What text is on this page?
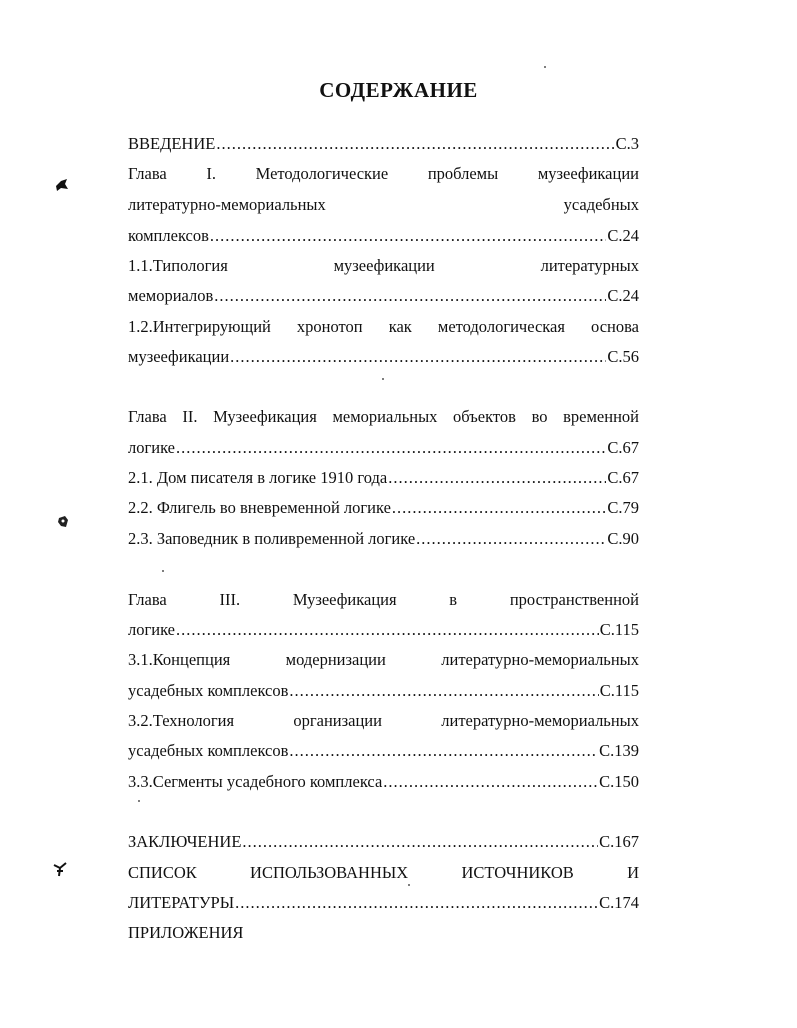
СОДЕРЖАНИЕ
ВВЕДЕНИЕ .....	С.3
Глава I. Методологические проблемы музеефикации
литературно-мемориальных усадебных
комплексов .....	С.24
1.1.Типология музеефикации литературных
мемориалов .....	С.24
1.2.Интегрирующий хронотоп как методологическая основа
музеефикации .....	С.56
Глава II. Музеефикация мемориальных объектов во временной
логике .....	С.67
2.1. Дом писателя в логике 1910 года .....	С.67
2.2. Флигель во вневременной логике .....	С.79
2.3. Заповедник в поливременной логике .....	С.90
Глава III. Музеефикация в пространственной
логике .....	С.115
3.1.Концепция модернизации литературно-мемориальных
усадебных комплексов .....	С.115
3.2.Технология организации литературно-мемориальных
усадебных комплексов .....	С.139
3.3.Сегменты усадебного комплекса .....	С.150
ЗАКЛЮЧЕНИЕ .....	С.167
СПИСОК ИСПОЛЬЗОВАННЫХ ИСТОЧНИКОВ И
ЛИТЕРАТУРЫ .....	С.174
ПРИЛОЖЕНИЯ
